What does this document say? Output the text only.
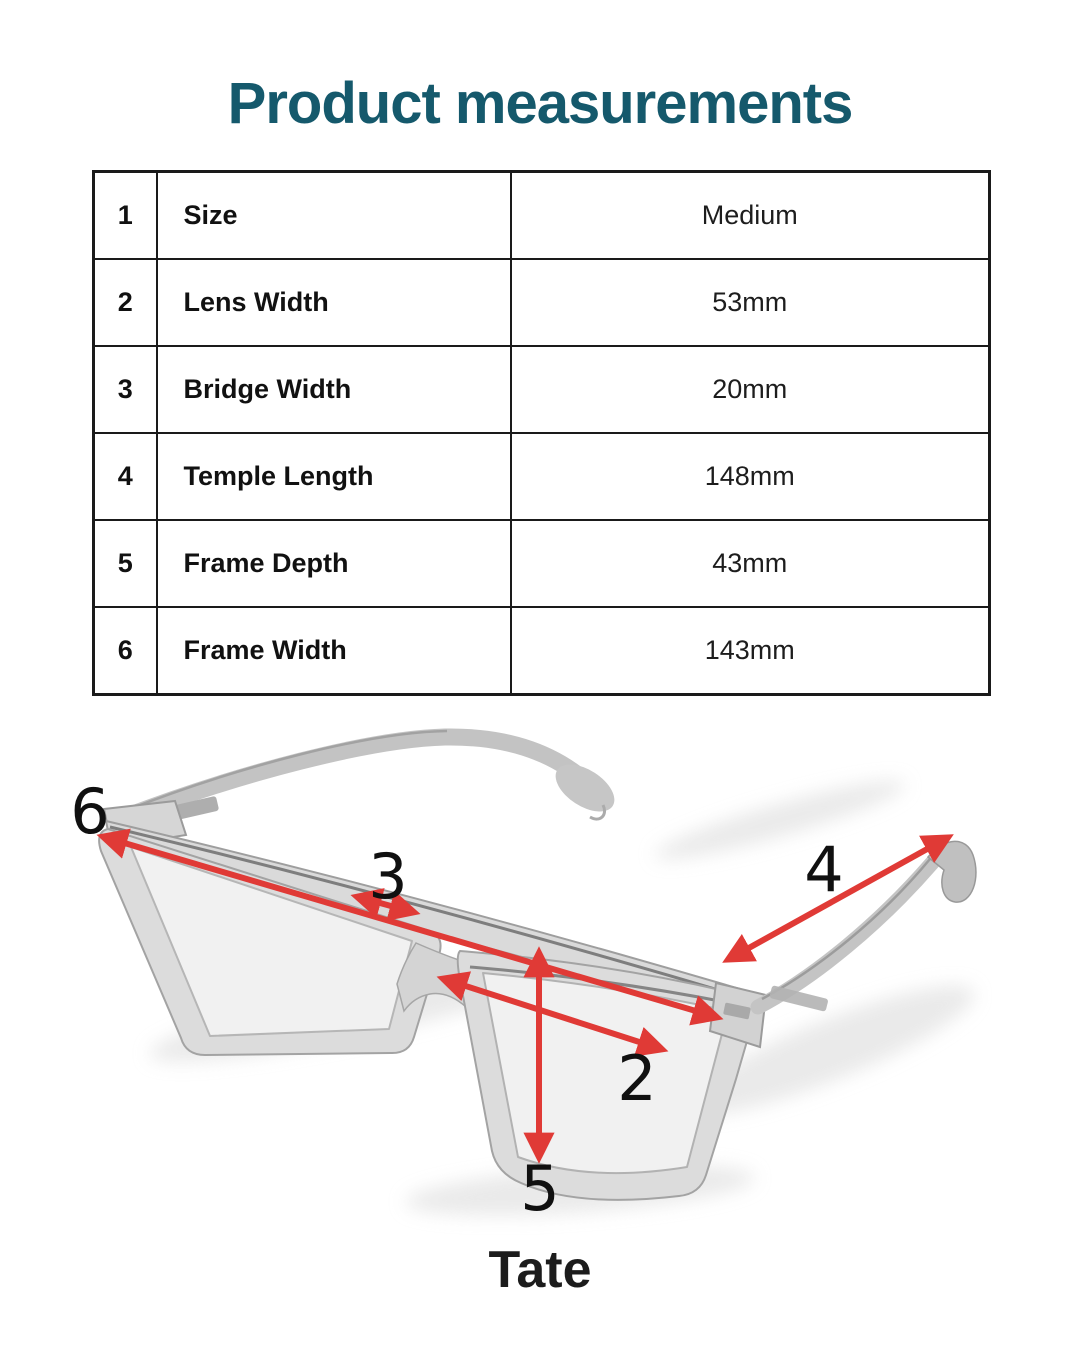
Product measurements
1	Size	Medium
2	Lens Width	53mm
3	Bridge Width	20mm
4	Temple Length	148mm
5	Frame Depth	43mm
6	Frame Width	143mm
6
3	4
2
5
Tate
